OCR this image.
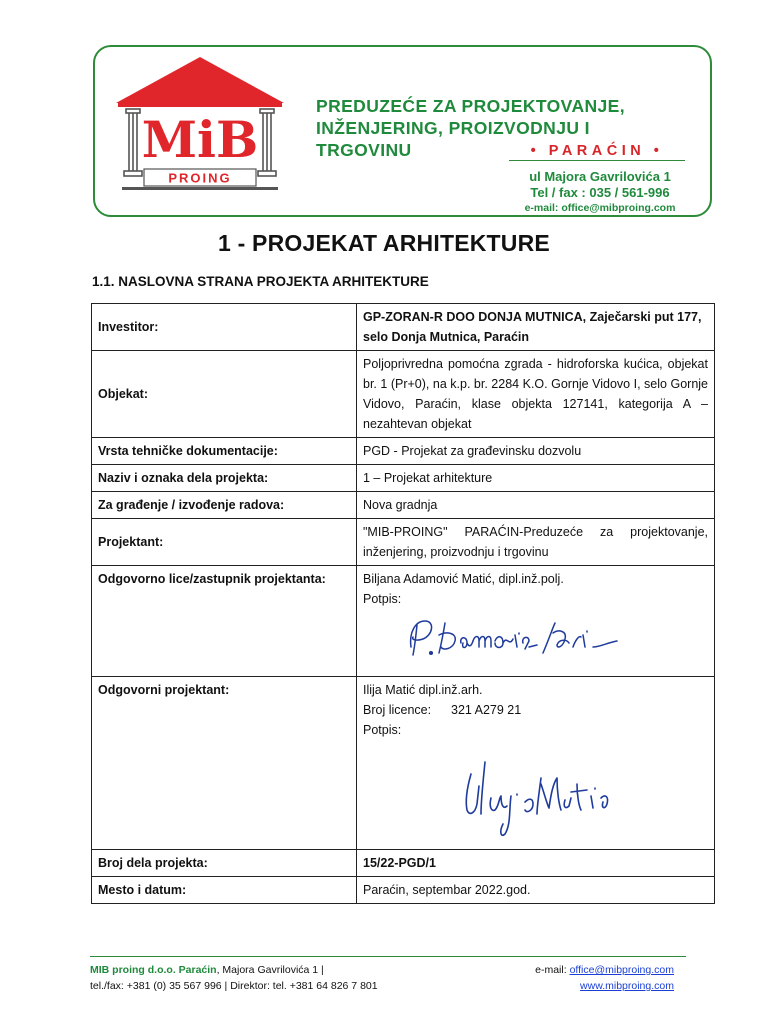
MiB
PROING
PREDUZEĆE ZA PROJEKTOVANJE,
INŽENJERING, PROIZVODNJU I
TRGOVINU	• PARAĆIN •
ul Majora Gavrilovića 1
Tel / fax : 035 / 561-996
e-mail: office@mibproing.com
1 - PROJEKAT ARHITEKTURE
1.1. NASLOVNA STRANA PROJEKTA ARHITEKTURE
Investitor:	GP-ZORAN-R DOO DONJA MUTNICA, Zaječarski put 177, selo Donja Mutnica, Paraćin
Objekat:	Poljoprivredna pomoćna zgrada - hidroforska kućica, objekat br. 1 (Pr+0), na k.p. br. 2284 K.O. Gornje Vidovo I, selo Gornje Vidovo, Paraćin, klase objekta 127141, kategorija A – nezahtevan objekat
Vrsta tehničke dokumentacije:	PGD - Projekat za građevinsku dozvolu
Naziv i oznaka dela projekta:	1 – Projekat arhitekture
Za građenje / izvođenje radova:	Nova gradnja
Projektant:	"MIB-PROING" PARAĆIN-Preduzeće za projektovanje, inženjering, proizvodnju i trgovinu
Odgovorno lice/zastupnik projektanta:	Biljana Adamović Matić, dipl.inž.polj.
Potpis:

Odgovorni projektant:	Ilija Matić dipl.inž.arh.
Broj licence: 321 A279 21
Potpis:

Broj dela projekta:	15/22-PGD/1
Mesto i datum:	Paraćin, septembar 2022.god.
MIB proing d.o.o. Paraćin, Majora Gavrilovića 1 |
tel./fax: +381 (0) 35 567 996 | Direktor: tel. +381 64 826 7 801
e-mail: office@mibproing.com
www.mibproing.com
